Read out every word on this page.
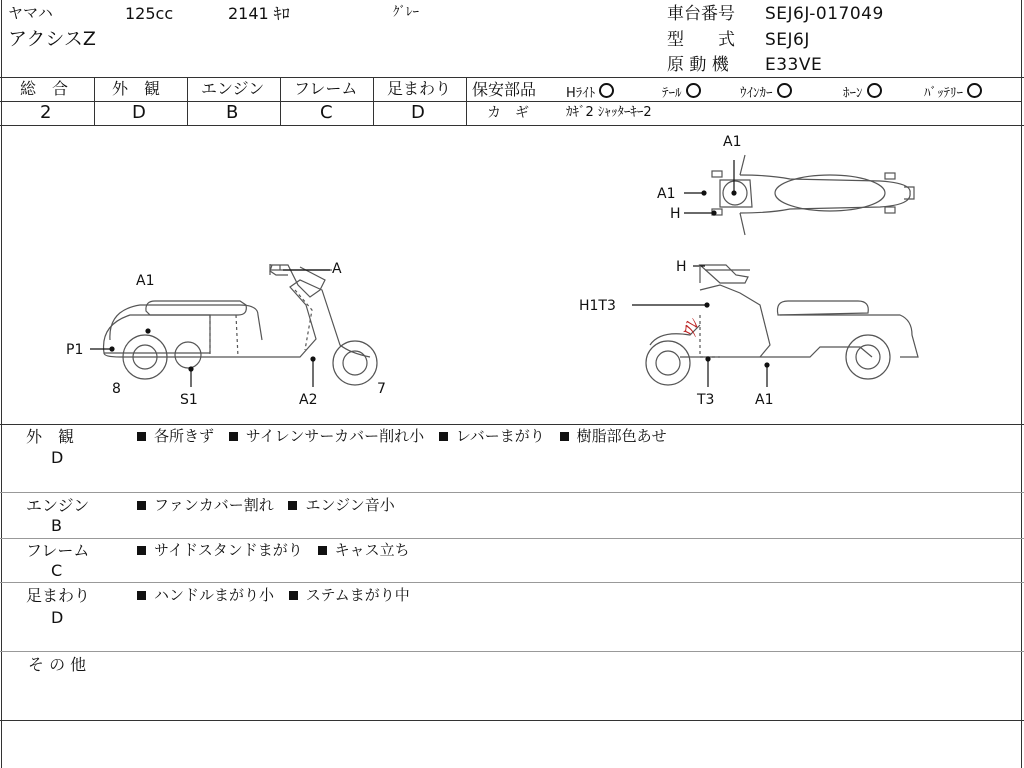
ヤマハ	125cc	2141 ｷﾛ	ｸﾞﾚｰ
アクシスZ
車台番号 SEJ6J-017049
型　　式 SEJ6J
原 動 機 E33VE
総　合	外　観	エンジン フレーム 足まわり
2	D	B	C	D
保安部品 Hﾗｲﾄ	ﾃｰﾙ	ｳｲﾝｶｰ	ﾎｰﾝ	ﾊﾞｯﾃﾘｰ
カ　ギ	ｶｷﾞ2 ｼｬｯﾀｰｷｰ2
ﾜﾚ
A
A1
P1
8
S1	A2
7
A1
A1
H
H
H1T3
T3	A1
外　観
D
各所きず サイレンサーカバー削れ小 レバーまがり 樹脂部色あせ
エンジン
B
ファンカバー割れ エンジン音小
フレーム
C
サイドスタンドまがり キャス立ち
足まわり
D
ハンドルまがり小 ステムまがり中
そ の 他
